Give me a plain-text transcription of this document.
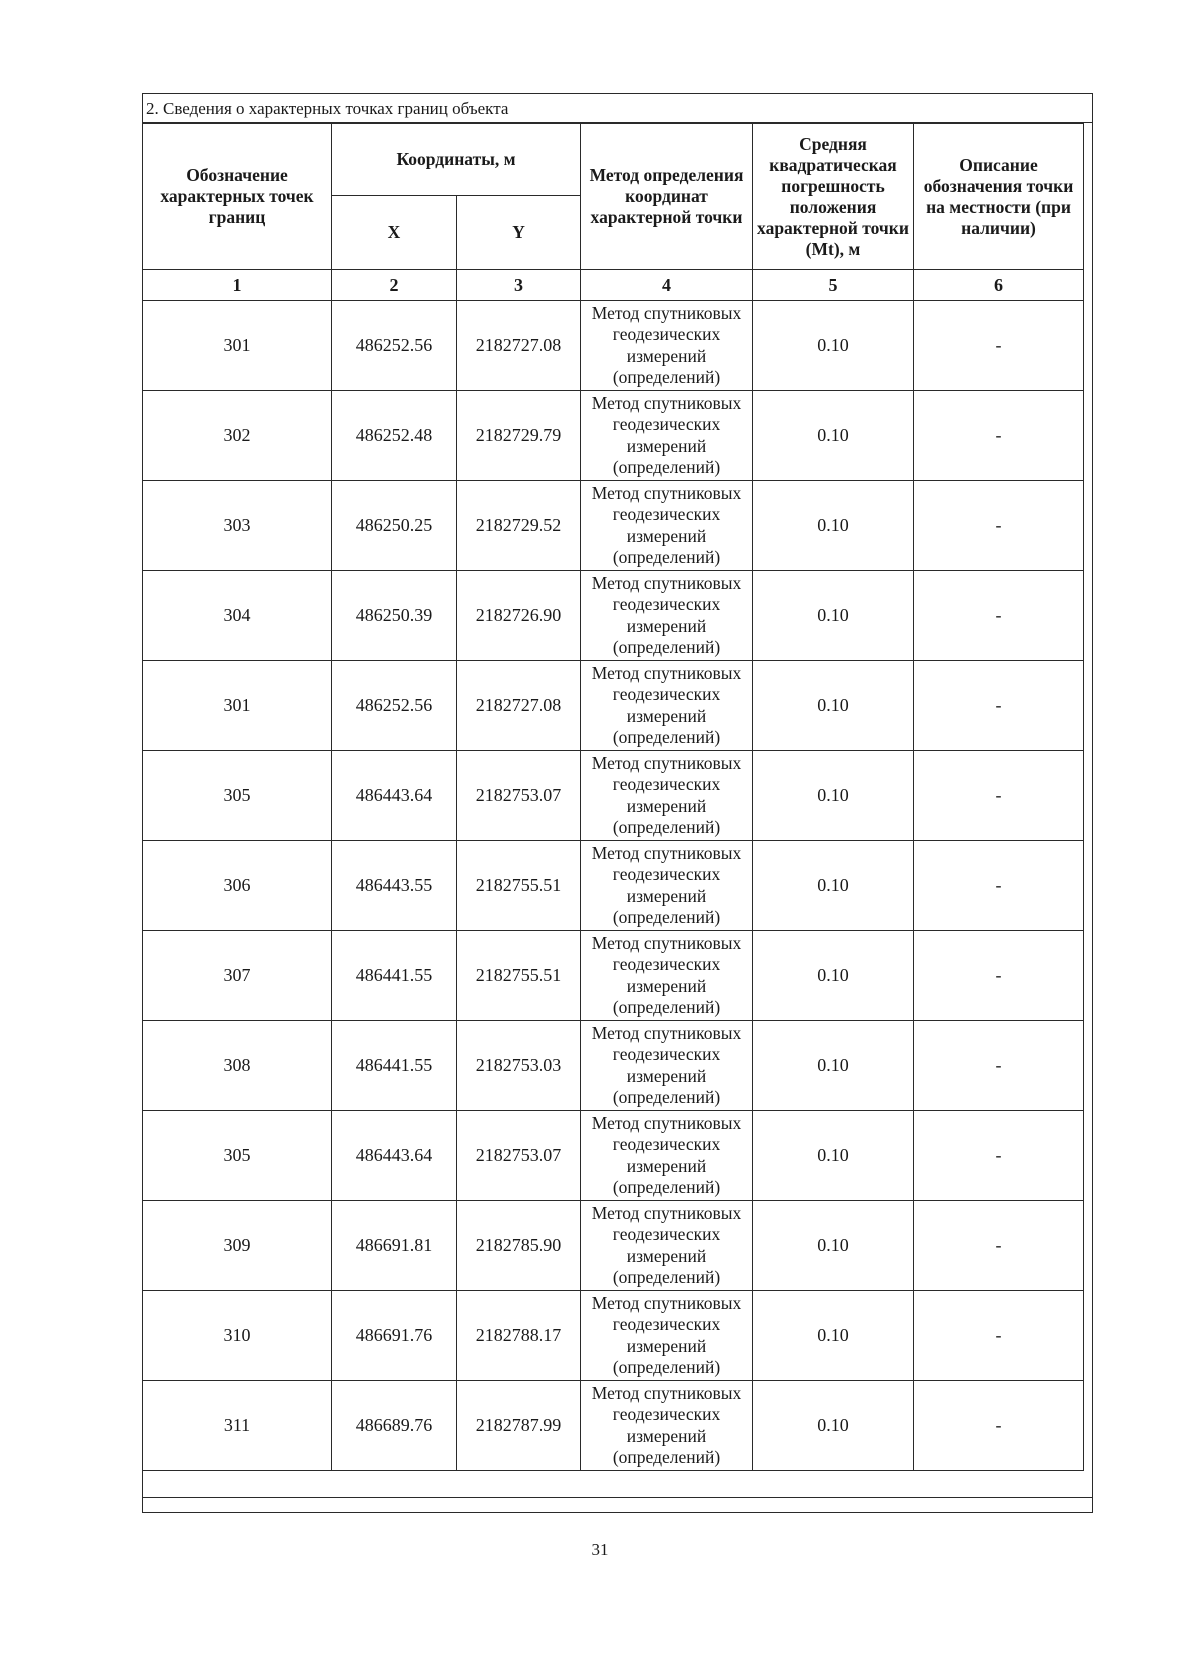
2. Сведения о характерных точках границ объекта
Обозначение характерных точек границ	Координаты, м		Метод определения координат характерной точки	Средняя квадратическая погрешность положения характерной точки (Mt), м	Описание обозначения точки на местности (при наличии)
	X	Y			
1	2	3	4	5	6
301	486252.56	2182727.08	Метод спутниковых геодезических измерений (определений)	0.10	-
302	486252.48	2182729.79	Метод спутниковых геодезических измерений (определений)	0.10	-
303	486250.25	2182729.52	Метод спутниковых геодезических измерений (определений)	0.10	-
304	486250.39	2182726.90	Метод спутниковых геодезических измерений (определений)	0.10	-
301	486252.56	2182727.08	Метод спутниковых геодезических измерений (определений)	0.10	-
305	486443.64	2182753.07	Метод спутниковых геодезических измерений (определений)	0.10	-
306	486443.55	2182755.51	Метод спутниковых геодезических измерений (определений)	0.10	-
307	486441.55	2182755.51	Метод спутниковых геодезических измерений (определений)	0.10	-
308	486441.55	2182753.03	Метод спутниковых геодезических измерений (определений)	0.10	-
305	486443.64	2182753.07	Метод спутниковых геодезических измерений (определений)	0.10	-
309	486691.81	2182785.90	Метод спутниковых геодезических измерений (определений)	0.10	-
310	486691.76	2182788.17	Метод спутниковых геодезических измерений (определений)	0.10	-
311	486689.76	2182787.99	Метод спутниковых геодезических измерений (определений)	0.10	-
31
